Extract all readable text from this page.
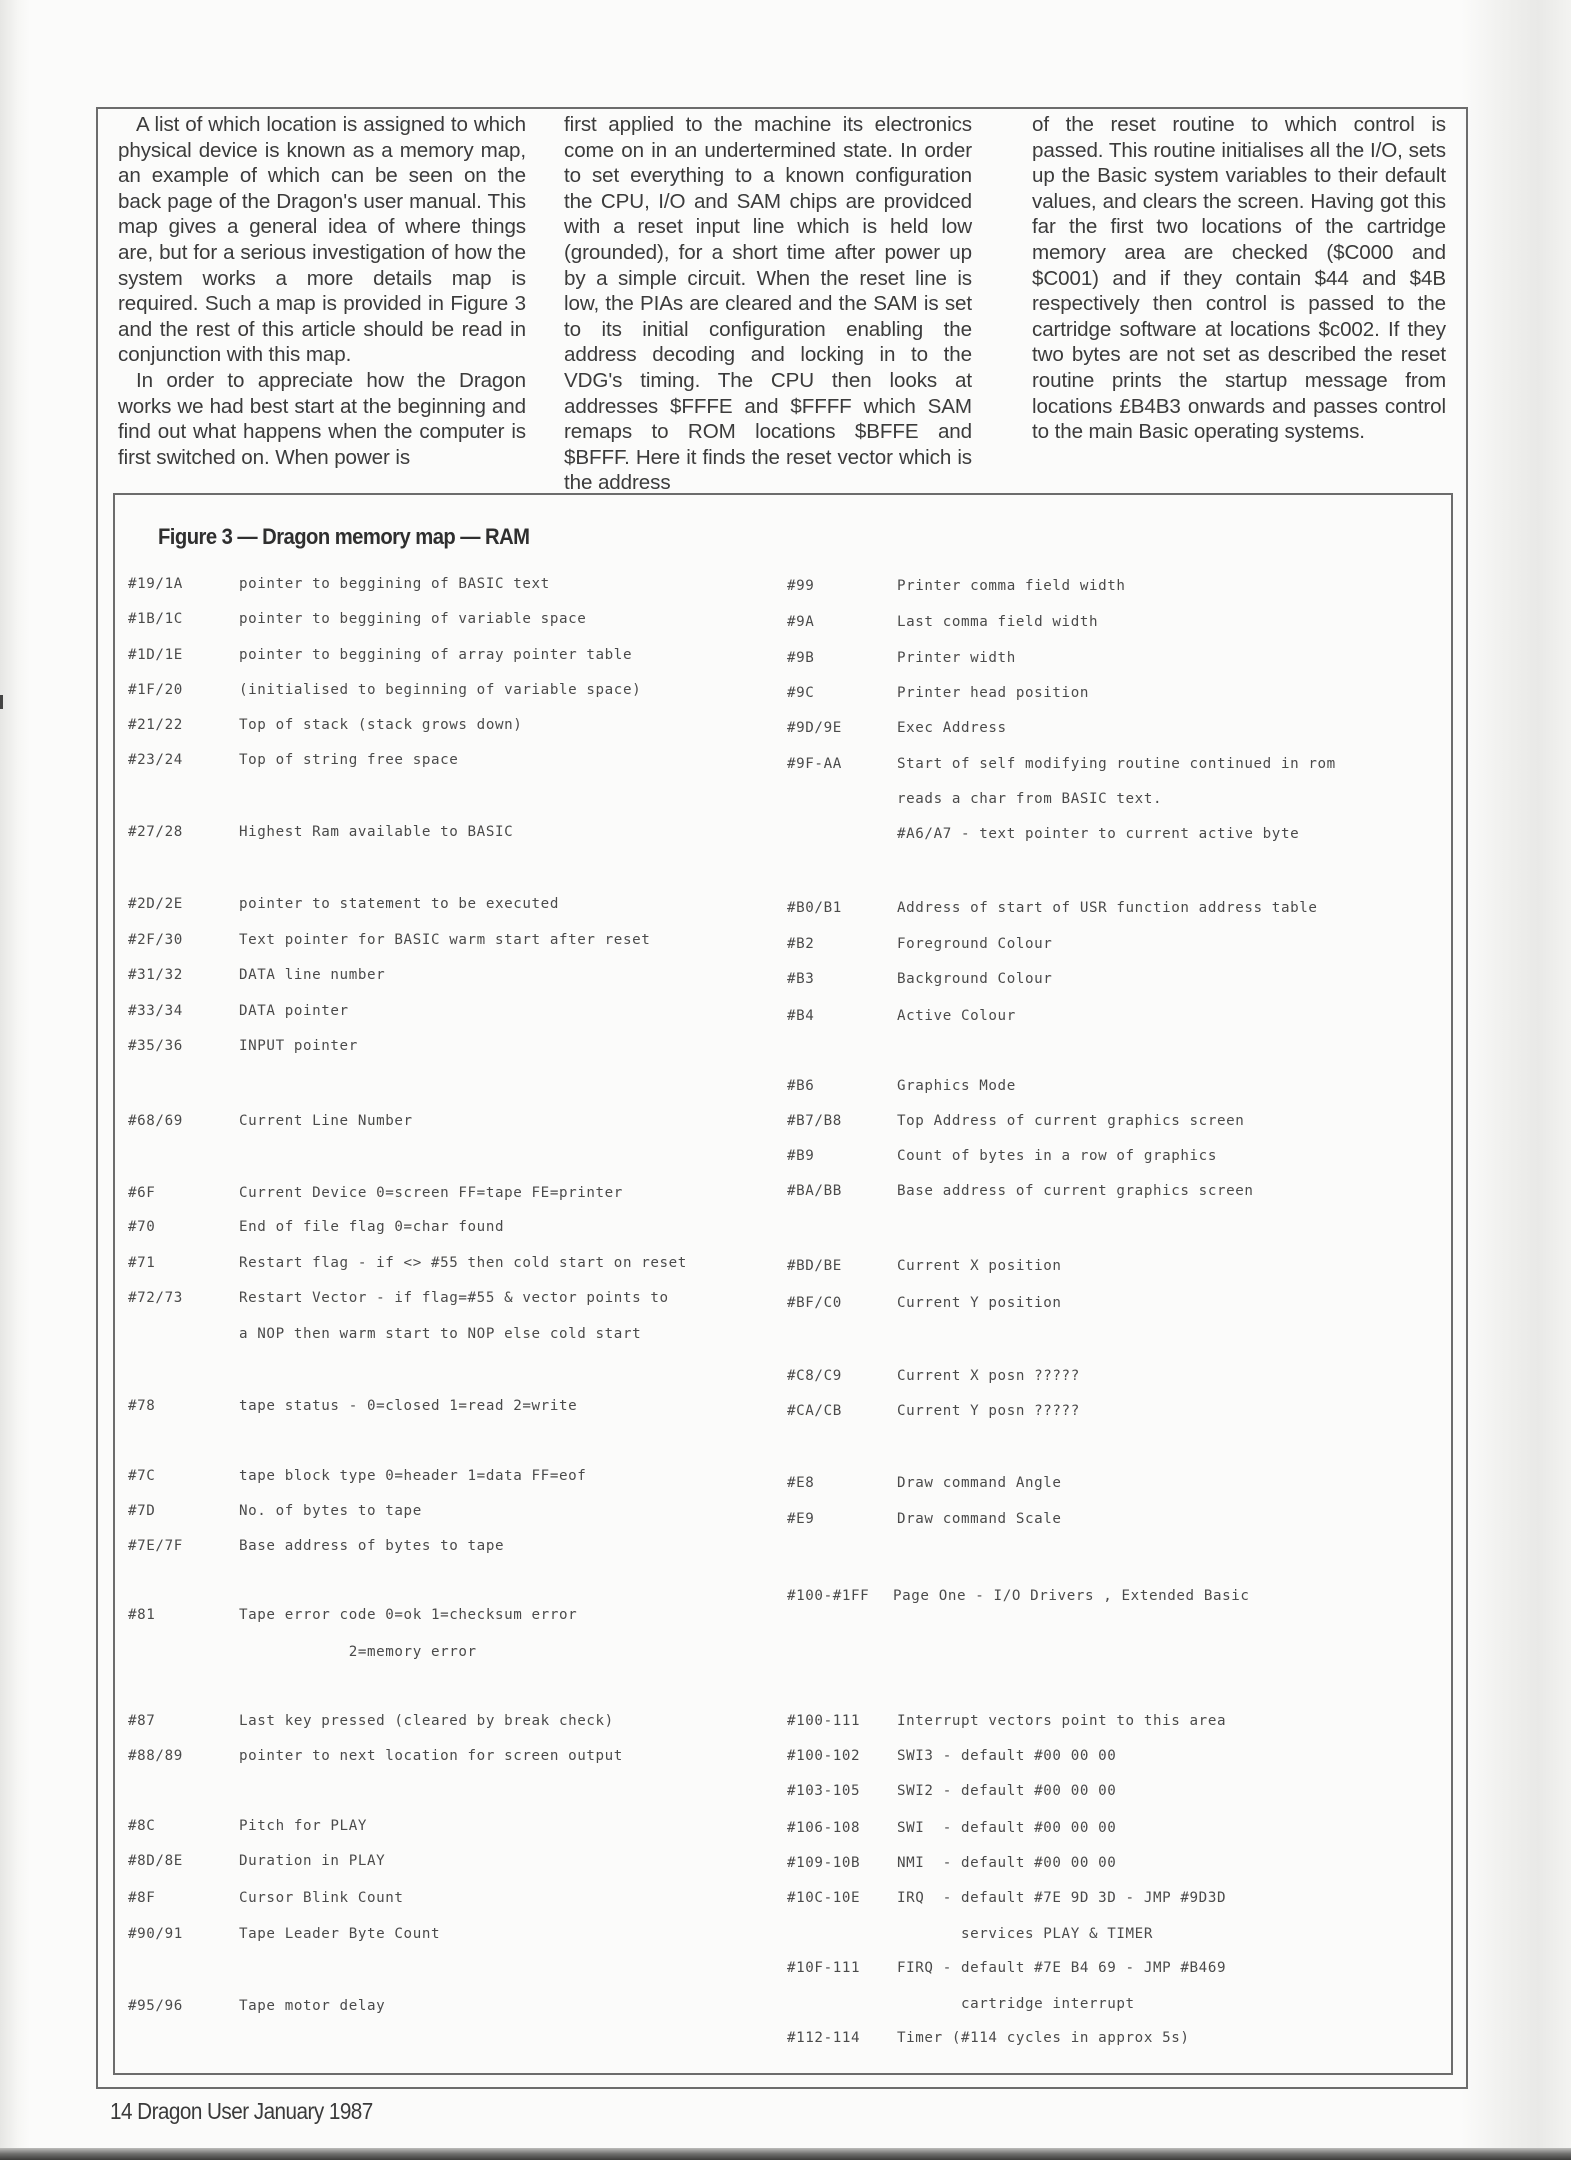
A list of which location is assigned to which physical device is known as a memory map, an example of which can be seen on the back page of the Dragon's user manual. This map gives a general idea of where things are, but for a serious investigation of how the system works a more details map is required. Such a map is provided in Figure 3 and the rest of this article should be read in conjunction with this map.

In order to appreciate how the Dragon works we had best start at the beginning and find out what happens when the computer is first switched on. When power is

first applied to the machine its electronics come on in an undertermined state. In order to set everything to a known configuration the CPU, I/O and SAM chips are providced with a reset input line which is held low (grounded), for a short time after power up by a simple circuit. When the reset line is low, the PIAs are cleared and the SAM is set to its initial configuration enabling the address decoding and locking in to the VDG's timing. The CPU then looks at addresses $FFFE and $FFFF which SAM remaps to ROM locations $BFFE and $BFFF. Here it finds the reset vector which is the address

of the reset routine to which control is passed. This routine initialises all the I/O, sets up the Basic system variables to their default values, and clears the screen. Having got this far the first two locations of the cartridge memory area are checked ($C000 and $C001) and if they contain $44 and $4B respectively then control is passed to the cartridge software at locations $c002. If they two bytes are not set as described the reset routine prints the startup message from locations £B4B3 onwards and passes control to the main Basic operating systems.

Figure 3 — Dragon memory map — RAM
#19/1A	pointer to beggining of BASIC text
#1B/1C	pointer to beggining of variable space
#1D/1E	pointer to beggining of array pointer table
#1F/20	(initialised to beginning of variable space)
#21/22	Top of stack (stack grows down)
#23/24	Top of string free space
#27/28	Highest Ram available to BASIC
#2D/2E	pointer to statement to be executed
#2F/30	Text pointer for BASIC warm start after reset
#31/32	DATA line number
#33/34	DATA pointer
#35/36	INPUT pointer
#68/69	Current Line Number
#6F	Current Device 0=screen FF=tape FE=printer
#70	End of file flag 0=char found
#71	Restart flag - if <> #55 then cold start on reset
#72/73	Restart Vector - if flag=#55 & vector points to
a NOP then warm start to NOP else cold start
#78	tape status - 0=closed 1=read 2=write
#7C	tape block type 0=header 1=data FF=eof
#7D	No. of bytes to tape
#7E/7F	Base address of bytes to tape
#81	Tape error code 0=ok 1=checksum error
2=memory error
#87	Last key pressed (cleared by break check)
#88/89	pointer to next location for screen output
#8C	Pitch for PLAY
#8D/8E	Duration in PLAY
#8F	Cursor Blink Count
#90/91	Tape Leader Byte Count
#95/96	Tape motor delay
#99	Printer comma field width
#9A	Last comma field width
#9B	Printer width
#9C	Printer head position
#9D/9E	Exec Address
#9F-AA	Start of self modifying routine continued in rom
reads a char from BASIC text.
#A6/A7 - text pointer to current active byte
#B0/B1	Address of start of USR function address table
#B2	Foreground Colour
#B3	Background Colour
#B4	Active Colour
#B6	Graphics Mode
#B7/B8	Top Address of current graphics screen
#B9	Count of bytes in a row of graphics
#BA/BB	Base address of current graphics screen
#BD/BE	Current X position
#BF/C0	Current Y position
#C8/C9	Current X posn ?????
#CA/CB	Current Y posn ?????
#E8	Draw command Angle
#E9	Draw command Scale
#100-#1FF Page One - I/O Drivers , Extended Basic
#100-111	Interrupt vectors point to this area
#100-102	SWI3 - default #00 00 00
#103-105	SWI2 - default #00 00 00
#106-108	SWI  - default #00 00 00
#109-10B	NMI  - default #00 00 00
#10C-10E	IRQ  - default #7E 9D 3D - JMP #9D3D
services PLAY & TIMER
#10F-111	FIRQ - default #7E B4 69 - JMP #B469
cartridge interrupt
#112-114	Timer (#114 cycles in approx 5s)
14 Dragon User January 1987
